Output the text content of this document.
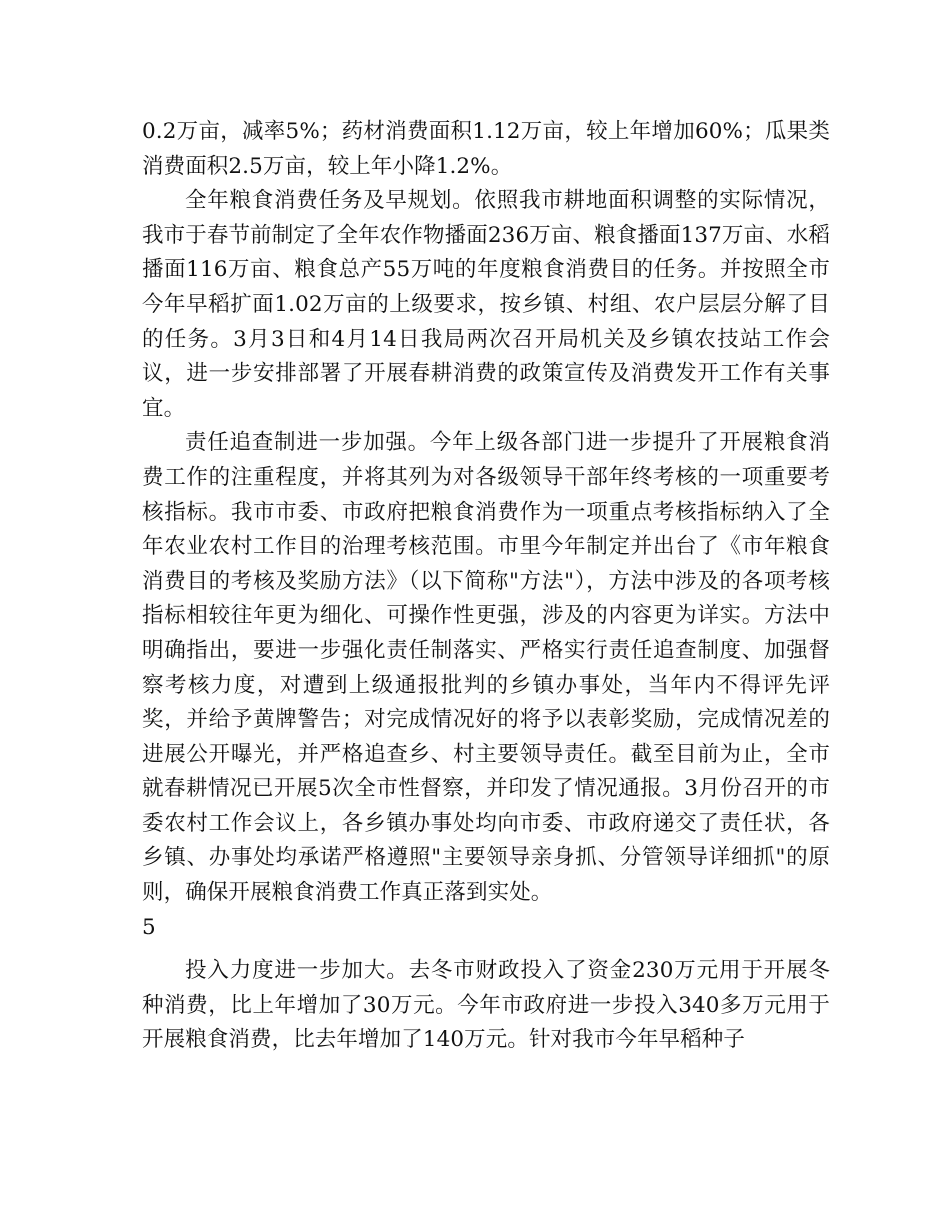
0.2万亩，减率5%；药材消费面积1.12万亩，较上年增加60%；瓜果类消费面积2.5万亩，较上年小降1.2%。

全年粮食消费任务及早规划。依照我市耕地面积调整的实际情况，我市于春节前制定了全年农作物播面236万亩、粮食播面137万亩、水稻播面116万亩、粮食总产55万吨的年度粮食消费目的任务。并按照全市今年早稻扩面1.02万亩的上级要求，按乡镇、村组、农户层层分解了目的任务。3月3日和4月14日我局两次召开局机关及乡镇农技站工作会议，进一步安排部署了开展春耕消费的政策宣传及消费发开工作有关事宜。

责任追查制进一步加强。今年上级各部门进一步提升了开展粮食消费工作的注重程度，并将其列为对各级领导干部年终考核的一项重要考核指标。我市市委、市政府把粮食消费作为一项重点考核指标纳入了全年农业农村工作目的治理考核范围。市里今年制定并出台了《市年粮食消费目的考核及奖励方法》（以下简称"方法"），方法中涉及的各项考核指标相较往年更为细化、可操作性更强，涉及的内容更为详实。方法中明确指出，要进一步强化责任制落实、严格实行责任追查制度、加强督察考核力度，对遭到上级通报批判的乡镇办事处，当年内不得评先评奖，并给予黄牌警告；对完成情况好的将予以表彰奖励，完成情况差的进展公开曝光，并严格追查乡、村主要领导责任。截至目前为止，全市就春耕情况已开展5次全市性督察，并印发了情况通报。3月份召开的市委农村工作会议上，各乡镇办事处均向市委、市政府递交了责任状，各乡镇、办事处均承诺严格遵照"主要领导亲身抓、分管领导详细抓"的原则，确保开展粮食消费工作真正落到实处。

5

投入力度进一步加大。去冬市财政投入了资金230万元用于开展冬种消费，比上年增加了30万元。今年市政府进一步投入340多万元用于开展粮食消费，比去年增加了140万元。针对我市今年早稻种子
